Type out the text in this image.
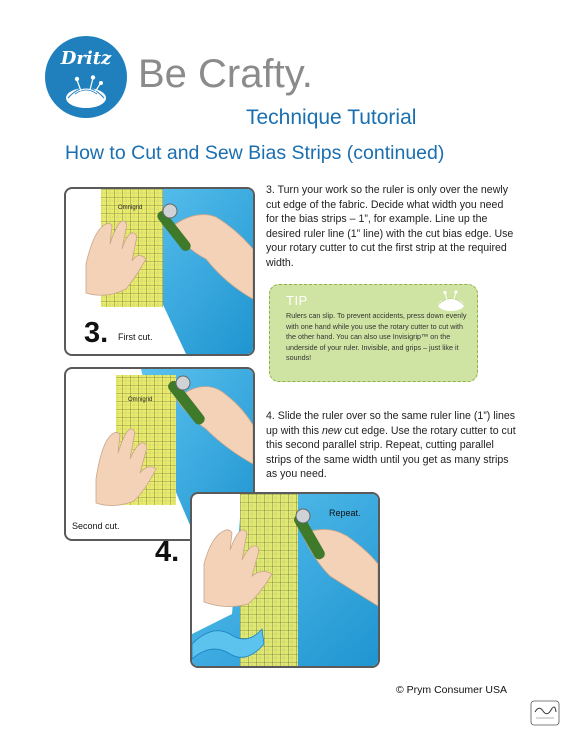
Dritz Be Crafty.
Technique Tutorial
How to Cut and Sew Bias Strips (continued)
Omnigrid
3. First cut.
Omnigrid
Second cut.
Repeat.
4.
3. Turn your work so the ruler is only over the newly cut edge of the fabric. Decide what width you need for the bias strips – 1”, for example. Line up the desired ruler line (1” line) with the cut bias edge. Use your rotary cutter to cut the first strip at the required width.
4. Slide the ruler over so the same ruler line (1”) lines up with this new cut edge. Use the rotary cutter to cut this second parallel strip. Repeat, cutting parallel strips of the same width until you get as many strips as you need.
TIP
Rulers can slip. To prevent accidents, press down evenly with one hand while you use the rotary cutter to cut with the other hand. You can also use Invisigrip™ on the underside of your ruler. Invisible, and grips – just like it sounds!
© Prym Consumer USA
